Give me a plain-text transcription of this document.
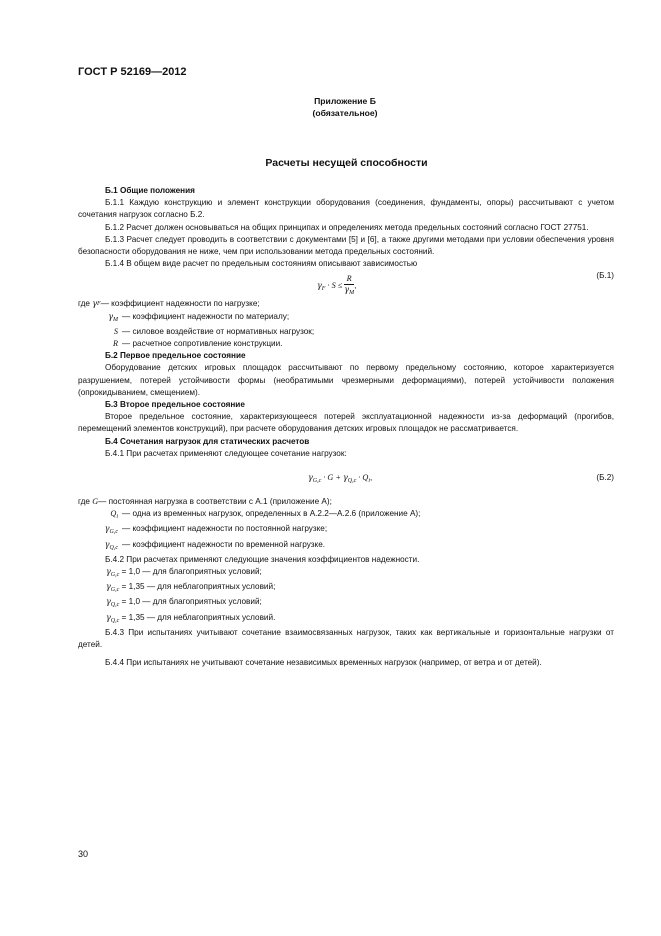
ГОСТ Р 52169—2012
Приложение Б
(обязательное)
Расчеты несущей способности

Б.1 Общие положения

Б.1.1 Каждую конструкцию и элемент конструкции оборудования (соединения, фундаменты, опоры) рассчитывают с учетом сочетания нагрузок согласно Б.2.

Б.1.2 Расчет должен основываться на общих принципах и определениях метода предельных состояний согласно ГОСТ 27751.

Б.1.3 Расчет следует проводить в соответствии с документами [5] и [6], а также другими методами при условии обеспечения уровня безопасности оборудования не ниже, чем при использовании метода предельных состояний.

Б.1.4 В общем виде расчет по предельным состояниям описывают зависимостью

$\gamma_F \cdot S \le \frac{R}{\gamma_M}$ ,
(Б.1)
где
γ F — коэффициент надежности по нагрузке;
$\gamma_M$ — коэффициент надежности по материалу;
S — силовое воздействие от нормативных нагрузок;
R — расчетное сопротивление конструкции.

Б.2 Первое предельное состояние

Оборудование детских игровых площадок рассчитывают по первому предельному состоянию, которое характеризуется разрушением, потерей устойчивости формы (необратимыми чрезмерными деформациями), потерей устойчивости положения (опрокидыванием, смещением).

Б.3 Второе предельное состояние

Второе предельное состояние, характеризующееся потерей эксплуатационной надежности из-за деформаций (прогибов, перемещений элементов конструкций), при расчете оборудования детских игровых площадок не рассматривается.

Б.4 Сочетания нагрузок для статических расчетов

Б.4.1 При расчетах применяют следующее сочетание нагрузок:

$\gamma_{G,c} \cdot G + \gamma_{Q,c} \cdot Q_i$,	(Б.2)
где
G — постоянная нагрузка в соответствии с А.1 (приложение А);
$Q_i$ — одна из временных нагрузок, определенных в А.2.2—А.2.6 (приложение А);
$\gamma_{G,c}$ — коэффициент надежности по постоянной нагрузке;
$\gamma_{Q,c}$ — коэффициент надежности по временной нагрузке.

Б.4.2 При расчетах применяют следующие значения коэффициентов надежности.

$\gamma_{G,c} = 1,0$ — для благоприятных условий;
$\gamma_{G,c} = 1,35$ — для неблагоприятных условий;
$\gamma_{Q,c} = 1,0$ — для благоприятных условий;
$\gamma_{Q,c} = 1,35$ — для неблагоприятных условий.

Б.4.3 При испытаниях учитывают сочетание взаимосвязанных нагрузок, таких как вертикальные и горизонтальные нагрузки от детей.

Б.4.4 При испытаниях не учитывают сочетание независимых временных нагрузок (например, от ветра и от детей).

30
